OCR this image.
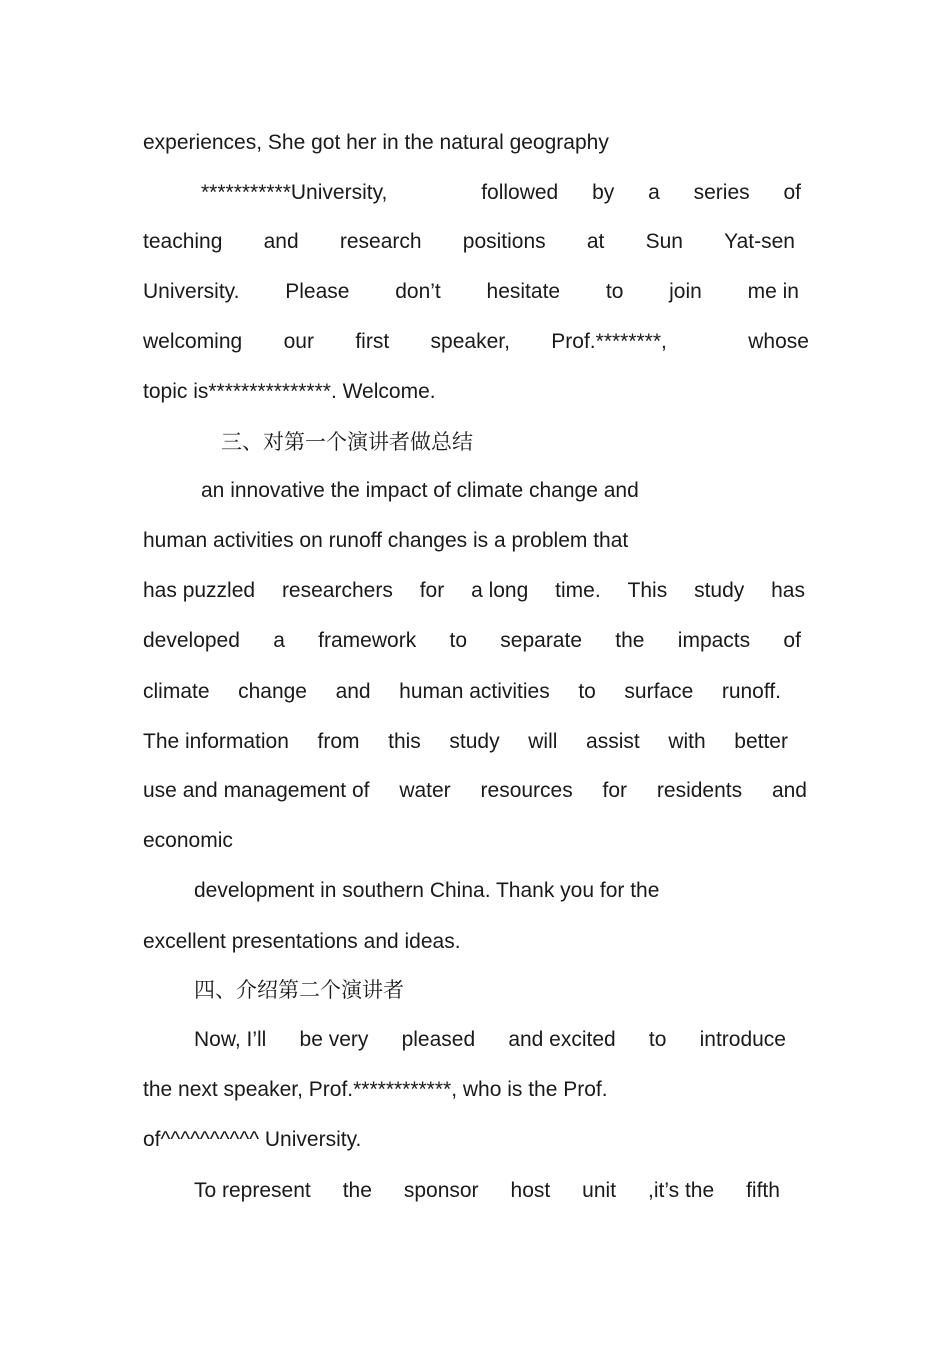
experiences, She got her in the natural geography
***********University,	followed by a series of
teaching and research positions at Sun Yat-sen
University. Please don’t hesitate to join me in
welcoming our first speaker, Prof.********,	whose
topic is***************. Welcome.
三、对第一个演讲者做总结
an innovative the impact of climate change and
human activities on runoff changes is a problem that
has puzzled researchers for a long time. This study has
developed a framework to separate the impacts of
climate change and human activities to surface runoff.
The information from this study will assist with better
use and management of water resources for residents and
economic
development in southern China. Thank you for the
excellent presentations and ideas.
四、介绍第二个演讲者
Now, I’ll be very pleased and excited to introduce
the next speaker, Prof.************, who is the Prof.
of^^^^^^^^^^ University.
To represent the sponsor host unit ,it’s the fifth
